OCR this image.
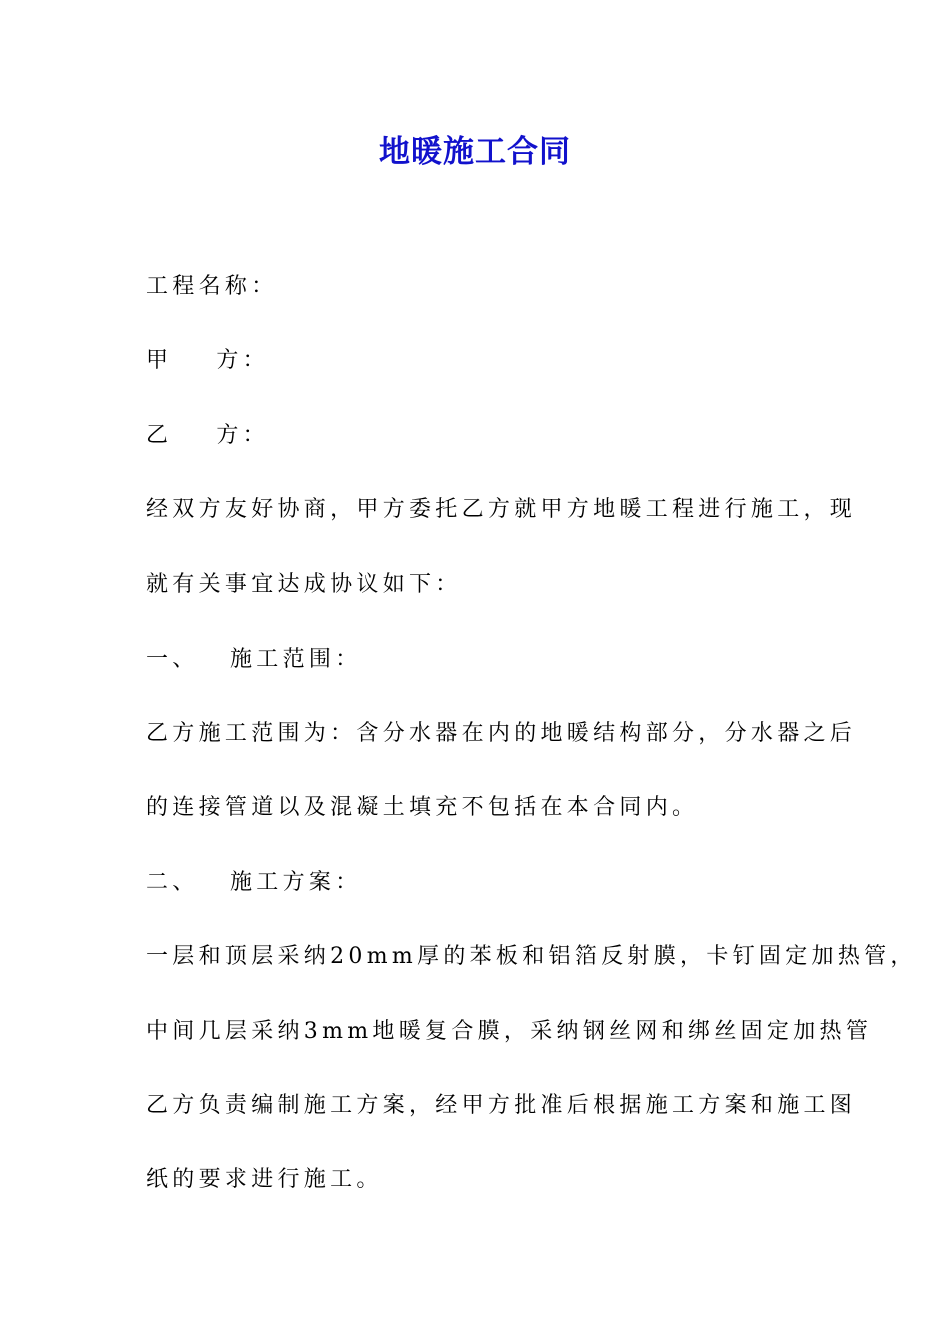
地暖施工合同
工程名称：
甲 方：
乙 方：
经双方友好协商，甲方委托乙方就甲方地暖工程进行施工，现
就有关事宜达成协议如下：
一、 施工范围：
乙方施工范围为：含分水器在内的地暖结构部分，分水器之后
的连接管道以及混凝土填充不包括在本合同内。
二、 施工方案：
一层和顶层采纳20mm厚的苯板和铝箔反射膜，卡钉固定加热管，
中间几层采纳3mm地暖复合膜，采纳钢丝网和绑丝固定加热管
乙方负责编制施工方案，经甲方批准后根据施工方案和施工图
纸的要求进行施工。
